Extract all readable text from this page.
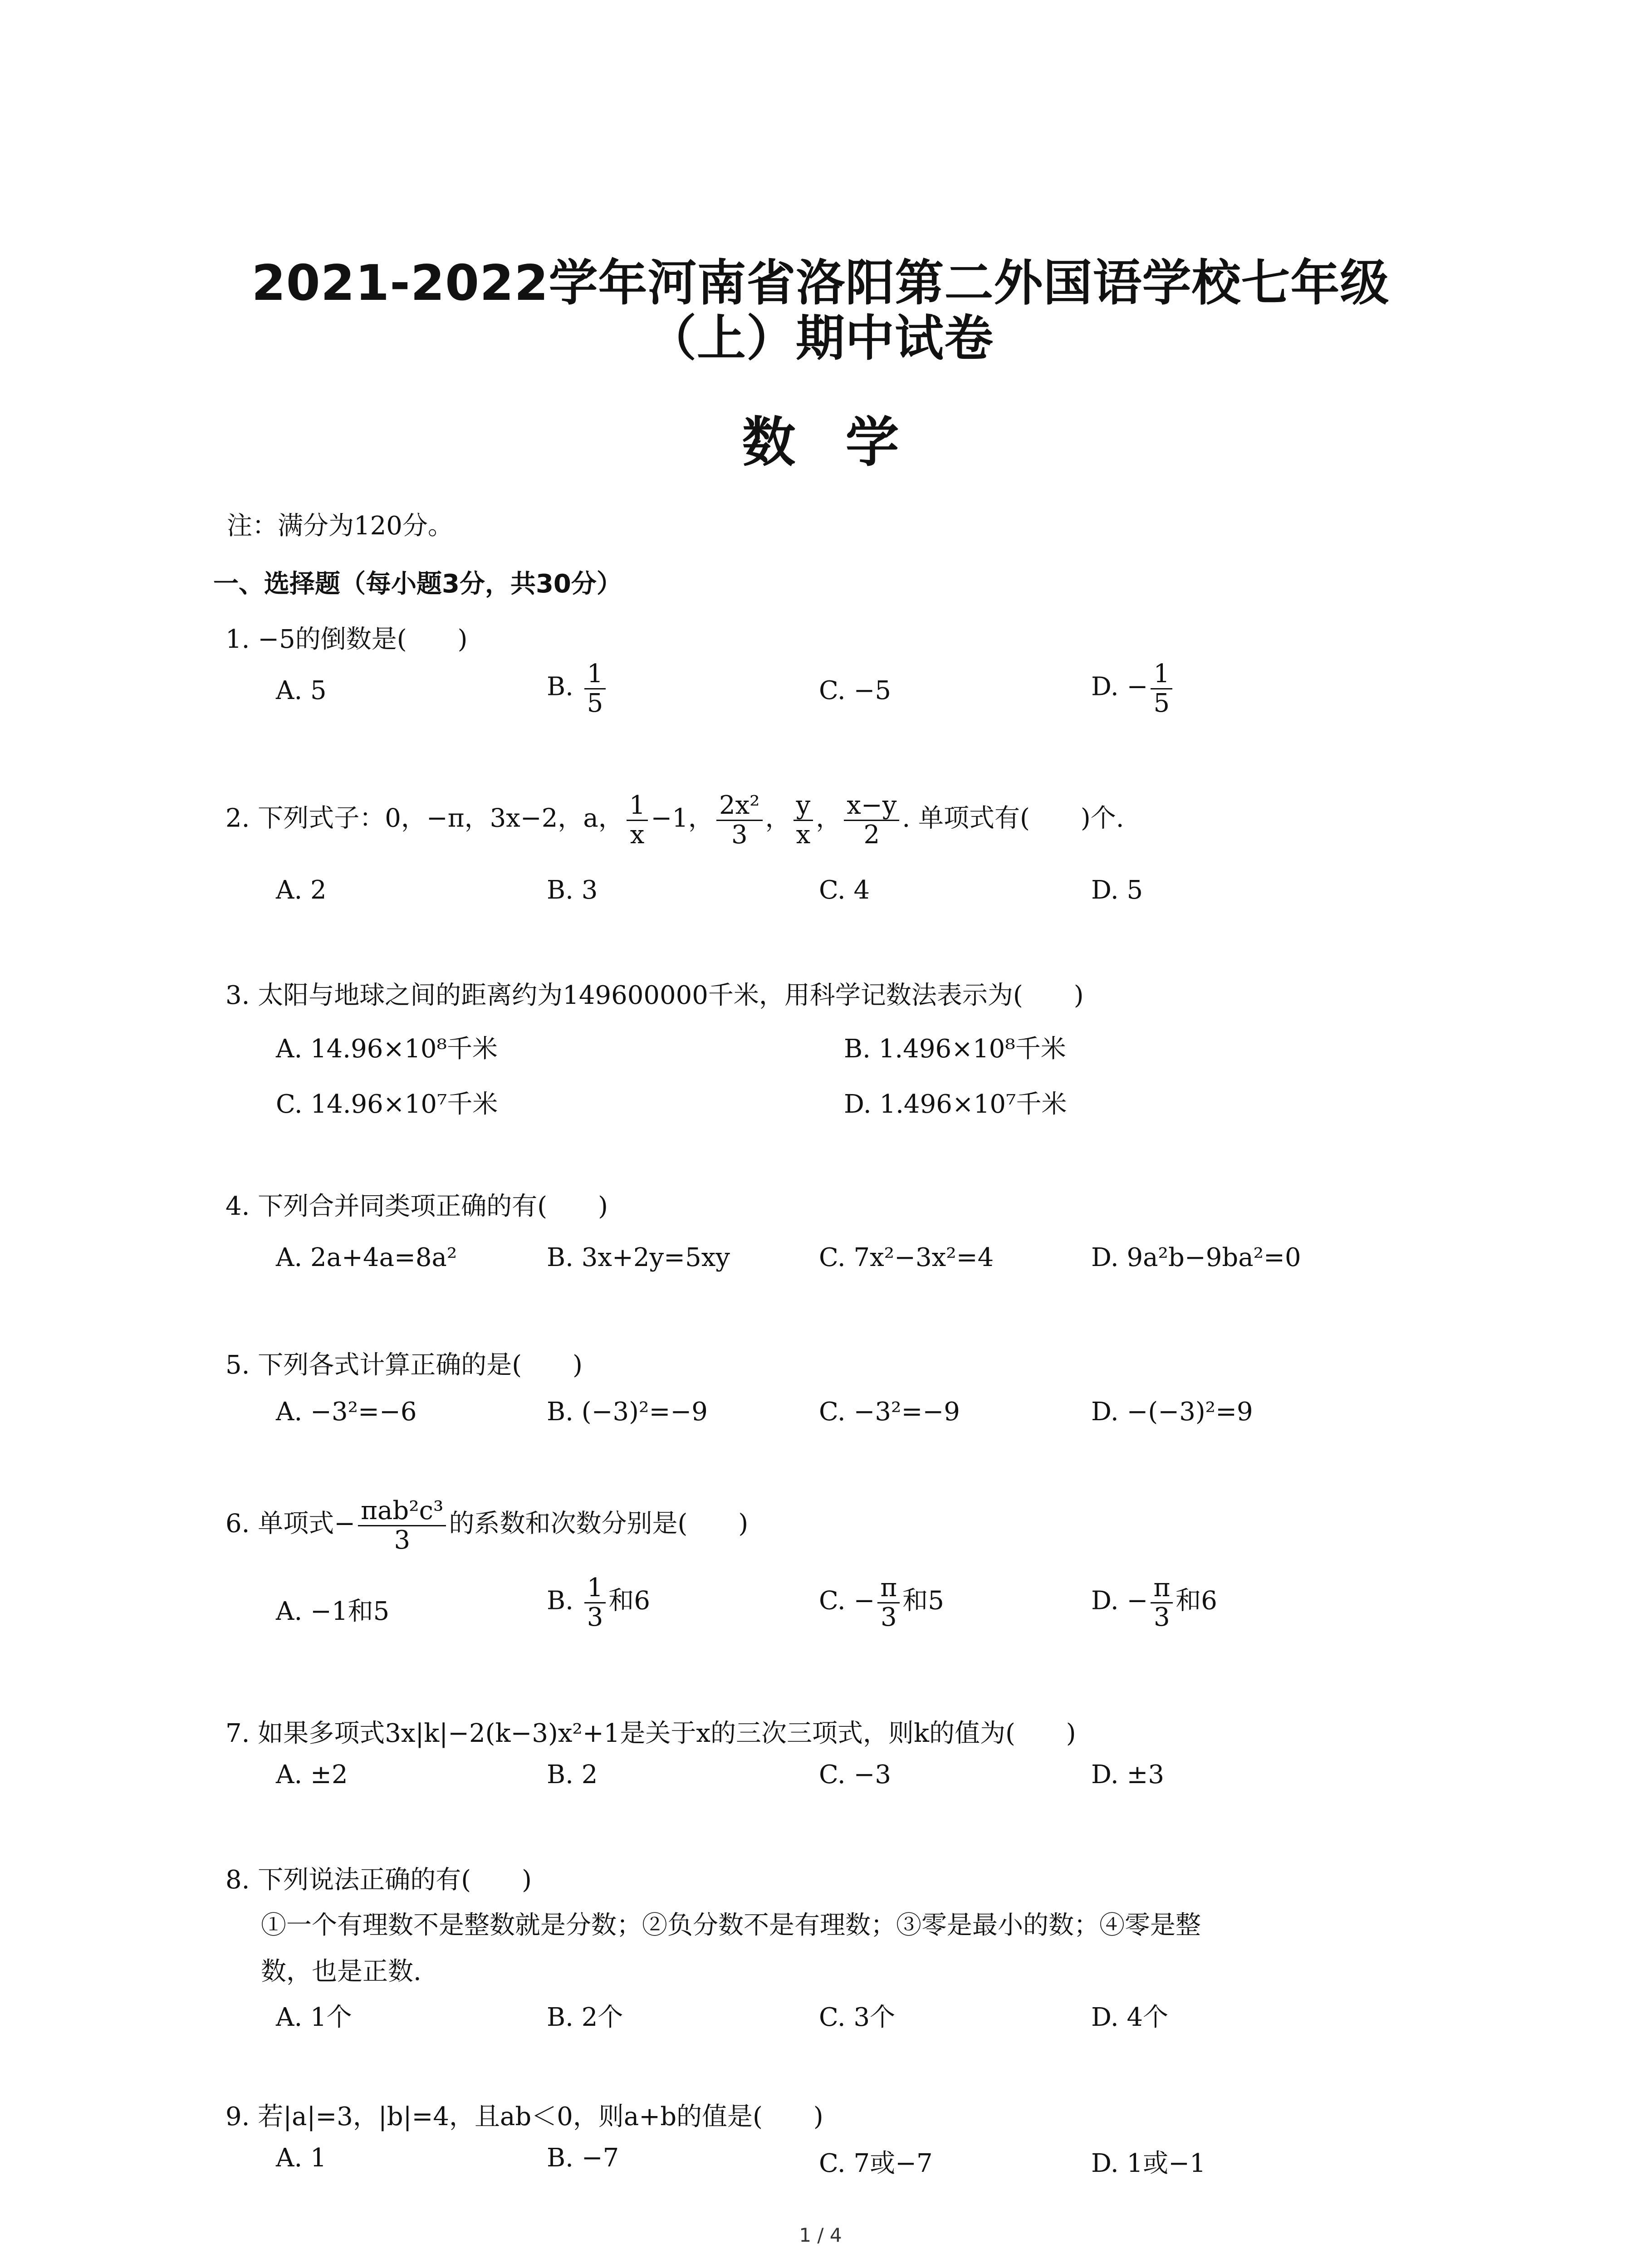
2021-2022学年河南省洛阳第二外国语学校七年级
（上）期中试卷
数学
注：满分为120分。
一、选择题（每小题3分，共30分）
1. −5的倒数是(　　)
A. 5	B. $\frac{1}{5}$	C. −5	D. − $\frac{1}{5}$
2. 下列式子：0，−π，3x−2，a， $\frac{1}{x} -1$， $\frac{\text{2x²}}{3}$ ， $\frac{y}{x}$ ， $\frac{x-y}{2}$ . 单项式有(　　)个.
A. 2	B. 3	C. 4	D. 5
3. 太阳与地球之间的距离约为149600000千米，用科学记数法表示为(　　)
A. 14.96×10⁸千米	B. 1.496×10⁸千米
C. 14.96×10⁷千米	D. 1.496×10⁷千米
4. 下列合并同类项正确的有(　　)
A. 2a+4a=8a²	B. 3x+2y=5xy	C. 7x²−3x²=4	D. 9a²b−9ba²=0
5. 下列各式计算正确的是(　　)
A. −3²=−6	B. (−3)²=−9	C. −3²=−9	D. −(−3)²=9
6. 单项式− $\frac{\text{πab²c³}}{3}$ 的系数和次数分别是(　　)
A. −1和5	B. $\frac{1}{3}$ 和6	C. − $\frac{\pi}{3}$ 和5	D. − $\frac{\pi}{3}$ 和6
7. 如果多项式3x|k|−2(k−3)x²+1是关于x的三次三项式，则k的值为(　　)
A. ±2	B. 2	C. −3	D. ±3
8. 下列说法正确的有(　　)
①一个有理数不是整数就是分数；②负分数不是有理数；③零是最小的数；④零是整
数，也是正数.
A. 1个	B. 2个	C. 3个	D. 4个
9. 若|a|=3，|b|=4，且ab＜0，则a+b的值是(　　)
A. 1	B. −7	C. 7或−7	D. 1或−1
1 / 4
